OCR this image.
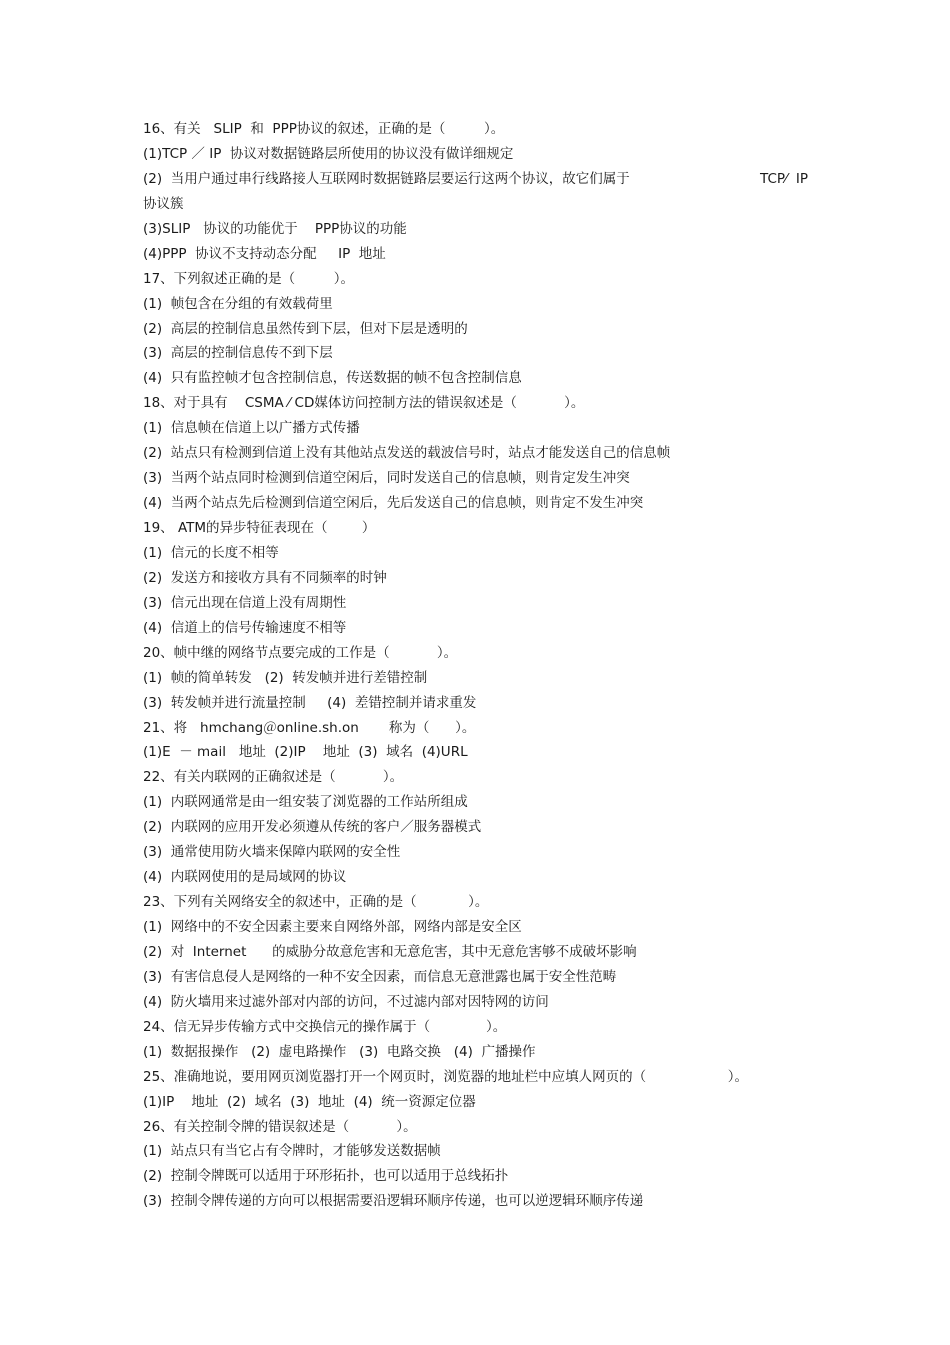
16、有关   SLIP  和  PPP协议的叙述，正确的是（         ）。
(1)TCP ／ IP  协议对数据链路层所使用的协议没有做详细规定
(2)  当用户通过串行线路接人互联网时数据链路层要运行这两个协议，故它们属于	TCP⁄  IP
协议簇
(3)SLIP   协议的功能优于    PPP协议的功能
(4)PPP  协议不支持动态分配     IP  地址
17、下列叙述正确的是（         ）。
(1)  帧包含在分组的有效载荷里
(2)  高层的控制信息虽然传到下层，但对下层是透明的
(3)  高层的控制信息传不到下层
(4)  只有监控帧才包含控制信息，传送数据的帧不包含控制信息
18、对于具有    CSMA ⁄ CD媒体访问控制方法的错误叙述是（           ）。
(1)  信息帧在信道上以广播方式传播
(2)  站点只有检测到信道上没有其他站点发送的载波信号时，站点才能发送自己的信息帧
(3)  当两个站点同时检测到信道空闲后，同时发送自己的信息帧，则肯定发生冲突
(4)  当两个站点先后检测到信道空闲后，先后发送自己的信息帧，则肯定不发生冲突
19、 ATM的异步特征表现在（        ）
(1)  信元的长度不相等
(2)  发送方和接收方具有不同频率的时钟
(3)  信元出现在信道上没有周期性
(4)  信道上的信号传输速度不相等
20、帧中继的网络节点要完成的工作是（           ）。
(1)  帧的简单转发   (2)  转发帧并进行差错控制
(3)  转发帧并进行流量控制     (4)  差错控制并请求重发
21、将   hmchang＠online.sh.on       称为（      ）。
(1)E  － mail   地址  (2)IP    地址  (3)  域名  (4)URL
22、有关内联网的正确叙述是（           ）。
(1)  内联网通常是由一组安装了浏览器的工作站所组成
(2)  内联网的应用开发必须遵从传统的客户／服务器模式
(3)  通常使用防火墙来保障内联网的安全性
(4)  内联网使用的是局域网的协议
23、下列有关网络安全的叙述中，正确的是（            ）。
(1)  网络中的不安全因素主要来自网络外部，网络内部是安全区
(2)  对  Internet      的威胁分故意危害和无意危害，其中无意危害够不成破坏影响
(3)  有害信息侵人是网络的一种不安全因素，而信息无意泄露也属于安全性范畴
(4)  防火墙用来过滤外部对内部的访问，不过滤内部对因特网的访问
24、信无异步传输方式中交换信元的操作属于（             ）。
(1)  数据报操作   (2)  虚电路操作   (3)  电路交换   (4)  广播操作
25、准确地说，要用网页浏览器打开一个网页时，浏览器的地址栏中应填人网页的（                   ）。
(1)IP    地址  (2)  域名  (3)  地址  (4)  统一资源定位器
26、有关控制令牌的错误叙述是（           ）。
(1)  站点只有当它占有令牌时，才能够发送数据帧
(2)  控制令牌既可以适用于环形拓扑，也可以适用于总线拓扑
(3)  控制令牌传递的方向可以根据需要沿逻辑环顺序传递，也可以逆逻辑环顺序传递
